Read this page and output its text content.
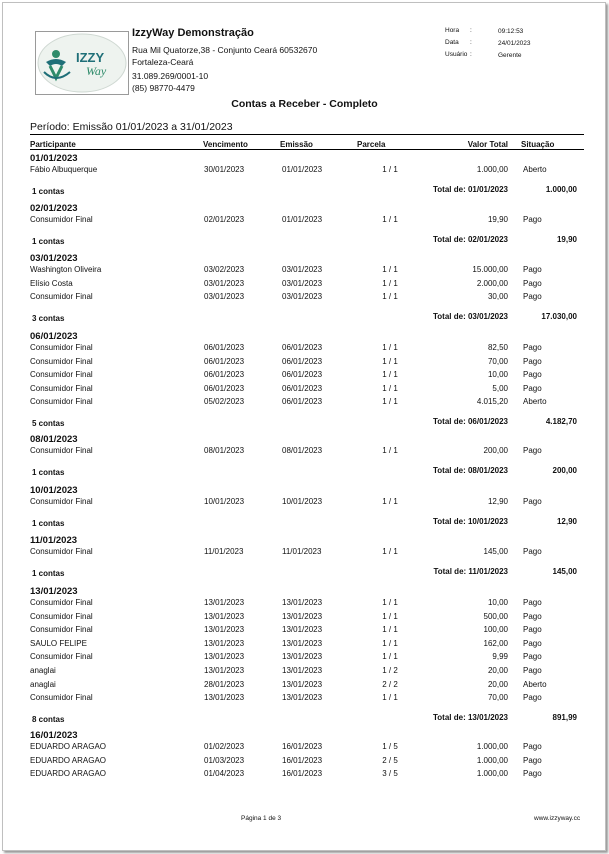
IZZY
Way
IzzyWay Demonstração
Rua Mil Quatorze,38 - Conjunto Ceará 60532670
Fortaleza-Ceará
31.089.269/0001-10
(85) 98770-4479
Hora :	09:12:53
Data :	24/01/2023
Usuário :	Gerente
Contas a Receber - Completo
Período: Emissão 01/01/2023 a 31/01/2023
Participante	Vencimento	Emissão	Parcela	Valor Total Situação
01/01/2023
Fábio Albuquerque	30/01/2023	01/01/2023	1 / 1	1.000,00 Aberto
1 contas	Total de: 01/01/2023	1.000,00
02/01/2023
Consumidor Final	02/01/2023	01/01/2023	1 / 1	19,90 Pago
1 contas	Total de: 02/01/2023	19,90
03/01/2023
Washington Oliveira	03/02/2023	03/01/2023	1 / 1	15.000,00 Pago
Elísio Costa	03/01/2023	03/01/2023	1 / 1	2.000,00 Pago
Consumidor Final	03/01/2023	03/01/2023	1 / 1	30,00 Pago
3 contas	Total de: 03/01/2023	17.030,00
06/01/2023
Consumidor Final	06/01/2023	06/01/2023	1 / 1	82,50 Pago
Consumidor Final	06/01/2023	06/01/2023	1 / 1	70,00 Pago
Consumidor Final	06/01/2023	06/01/2023	1 / 1	10,00 Pago
Consumidor Final	06/01/2023	06/01/2023	1 / 1	5,00 Pago
Consumidor Final	05/02/2023	06/01/2023	1 / 1	4.015,20 Aberto
5 contas	Total de: 06/01/2023	4.182,70
08/01/2023
Consumidor Final	08/01/2023	08/01/2023	1 / 1	200,00 Pago
1 contas	Total de: 08/01/2023	200,00
10/01/2023
Consumidor Final	10/01/2023	10/01/2023	1 / 1	12,90 Pago
1 contas	Total de: 10/01/2023	12,90
11/01/2023
Consumidor Final	11/01/2023	11/01/2023	1 / 1	145,00 Pago
1 contas	Total de: 11/01/2023	145,00
13/01/2023
Consumidor Final	13/01/2023	13/01/2023	1 / 1	10,00 Pago
Consumidor Final	13/01/2023	13/01/2023	1 / 1	500,00 Pago
Consumidor Final	13/01/2023	13/01/2023	1 / 1	100,00 Pago
SAULO FELIPE	13/01/2023	13/01/2023	1 / 1	162,00 Pago
Consumidor Final	13/01/2023	13/01/2023	1 / 1	9,99 Pago
anaglai	13/01/2023	13/01/2023	1 / 2	20,00 Pago
anaglai	28/01/2023	13/01/2023	2 / 2	20,00 Aberto
Consumidor Final	13/01/2023	13/01/2023	1 / 1	70,00 Pago
8 contas	Total de: 13/01/2023	891,99
16/01/2023
EDUARDO ARAGAO	01/02/2023	16/01/2023	1 / 5	1.000,00 Pago
EDUARDO ARAGAO	01/03/2023	16/01/2023	2 / 5	1.000,00 Pago
EDUARDO ARAGAO	01/04/2023	16/01/2023	3 / 5	1.000,00 Pago
Página 1 de 3	www.izzyway.cc
